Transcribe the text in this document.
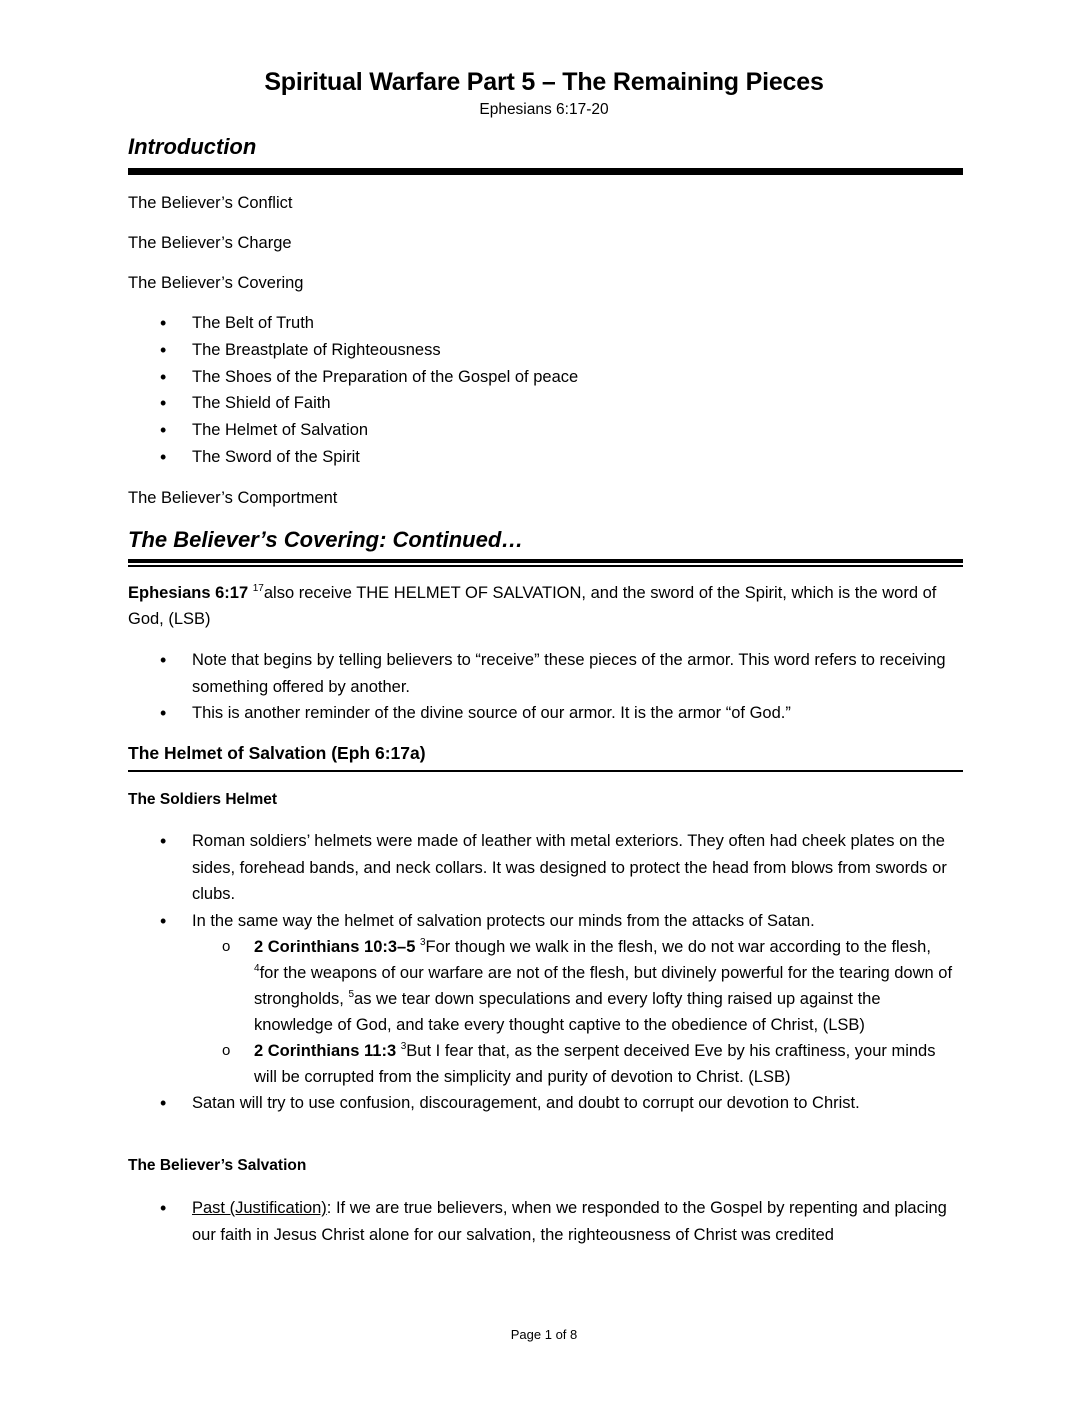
Spiritual Warfare Part 5 – The Remaining Pieces
Ephesians 6:17-20
Introduction
The Believer’s Conflict
The Believer’s Charge
The Believer’s Covering
• The Belt of Truth
• The Breastplate of Righteousness
• The Shoes of the Preparation of the Gospel of peace
• The Shield of Faith
• The Helmet of Salvation
• The Sword of the Spirit
The Believer’s Comportment
The Believer’s Covering: Continued…
Ephesians 6:17 $^{17}$also receive THE HELMET OF SALVATION, and the sword of the Spirit, which is the word of God, (LSB)
• Note that begins by telling believers to “receive” these pieces of the armor. This word refers to receiving something offered by another.
• This is another reminder of the divine source of our armor. It is the armor “of God.”
The Helmet of Salvation (Eph 6:17a)
The Soldiers Helmet
• Roman soldiers’ helmets were made of leather with metal exteriors. They often had cheek plates on the sides, forehead bands, and neck collars. It was designed to protect the head from blows from swords or clubs.
• In the same way the helmet of salvation protects our minds from the attacks of Satan.
o 2 Corinthians 10:3–5 $^3$For though we walk in the flesh, we do not war according to the flesh, $^4$for the weapons of our warfare are not of the flesh, but divinely powerful for the tearing down of strongholds, $^5$as we tear down speculations and every lofty thing raised up against the knowledge of God, and take every thought captive to the obedience of Christ, (LSB)
o 2 Corinthians 11:3 $^3$But I fear that, as the serpent deceived Eve by his craftiness, your minds will be corrupted from the simplicity and purity of devotion to Christ. (LSB)
• Satan will try to use confusion, discouragement, and doubt to corrupt our devotion to Christ.
The Believer’s Salvation
• Past (Justification): If we are true believers, when we responded to the Gospel by repenting and placing our faith in Jesus Christ alone for our salvation, the righteousness of Christ was credited
Page 1 of 8
